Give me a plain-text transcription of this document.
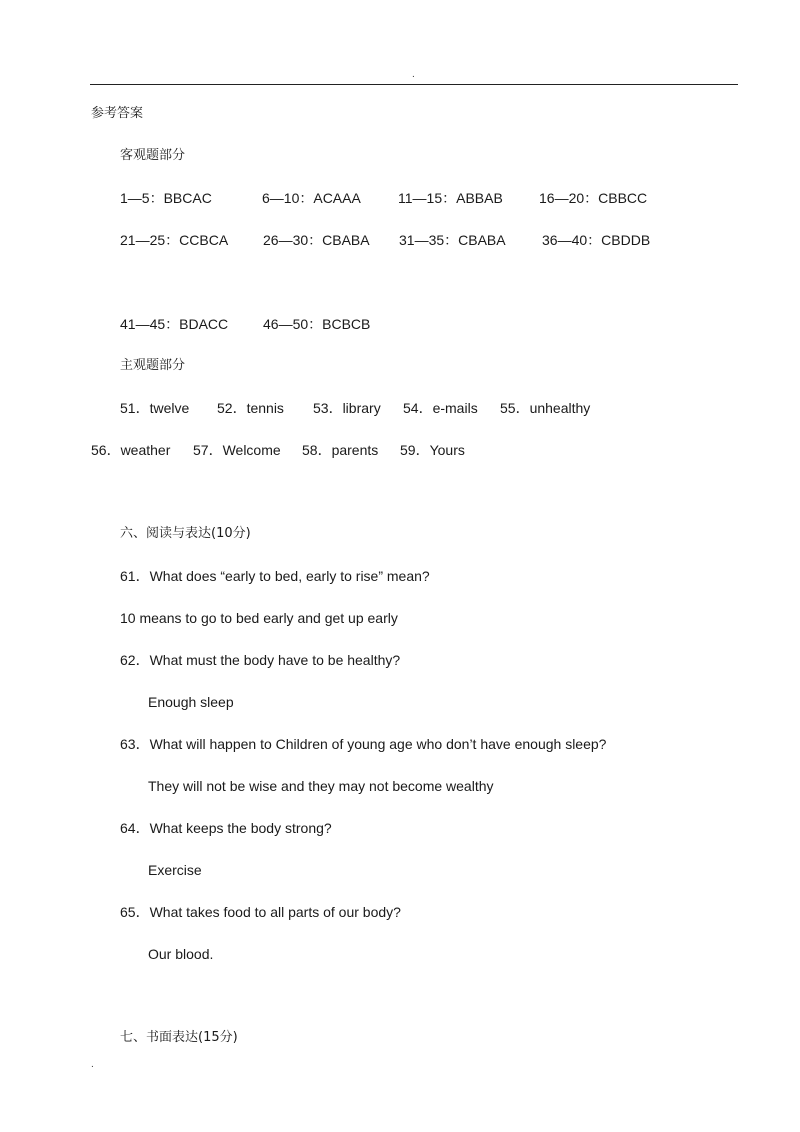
.
参考答案
客观题部分
1—5：BBCAC	6—10：ACAAA	11—15：ABBAB	16—20：CBBCC
21—25：CCBCA 26—30：CBABA 31—35：CBABA	36—40：CBDDB
41—45：BDACC 46—50：BCBCB
主观题部分
51．twelve 52．tennis 53．library 54．e-mails 55．unhealthy
56．weather 57．Welcome 58．parents 59．Yours
六、阅读与表达(10分)
61．What does “early to bed, early to rise” mean?
10 means to go to bed early and get up early
62．What must the body have to be healthy?
Enough sleep
63．What will happen to Children of young age who don’t have enough sleep?
They will not be wise and they may not become wealthy
64．What keeps the body strong?
Exercise
65．What takes food to all parts of our body?
Our blood.
七、书面表达(15分)
.
